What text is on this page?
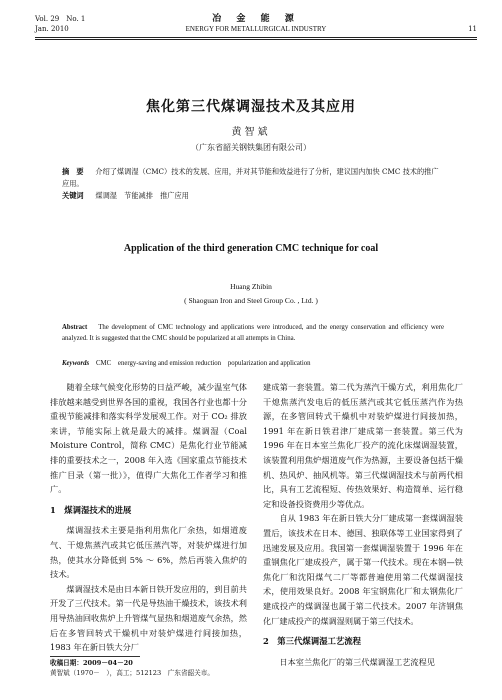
Vol. 29　No. 1	冶 金 能 源
Jan. 2010	ENERGY FOR METALLURGICAL INDUSTRY	11
焦化第三代煤调湿技术及其应用
黄智斌
（广东省韶关钢铁集团有限公司）
摘　要 　 介绍了煤调湿（CMC）技术的发展、应用，并对其节能和效益进行了分析，建议国内加快 CMC 技术的推广应用。
关键词 　 煤调湿　节能减排　推广应用
Application of the third generation CMC technique for coal
Huang Zhibin
( Shaoguan Iron and Steel Group Co. , Ltd. )
Abstract The development of CMC technology and applications were introduced, and the energy conservation and efficiency were analyzed. It is suggested that the CMC should be popularized at all attempts in China.
Keywords CMC　energy-saving and emission reduction　popularization and application

随着全球气候变化形势的日益严峻，减少温室气体排放越来越受到世界各国的重视，我国各行业也都十分重视节能减排和落实科学发展观工作。对于 CO₂ 排放来讲，节能实际上就是最大的减排。煤调湿（Coal Moisture Control，简称 CMC）是焦化行业节能减排的重要技术之一，2008 年入选《国家重点节能技术推广目录（第一批）》，值得广大焦化工作者学习和推广。

1　煤调湿技术的进展

煤调湿技术主要是指利用焦化厂余热，如烟道废气、干熄焦蒸汽或其它低压蒸汽等，对装炉煤进行加热，使其水分降低到 5% ～ 6%，然后再装入焦炉的技术。

煤调湿技术是由日本新日铁开发应用的，到目前共开发了三代技术。第一代是导热油干燥技术，该技术利用导热油回收焦炉上升管煤气显热和烟道废气余热，然后在多管回转式干燥机中对装炉煤进行间接加热，1983 年在新日铁大分厂

建成第一套装置。第二代为蒸汽干燥方式，利用焦化厂干熄焦蒸汽发电后的低压蒸汽或其它低压蒸汽作为热源，在多管回转式干燥机中对装炉煤进行间接加热，1991 年在新日铁君津厂建成第一套装置。第三代为 1996 年在日本室兰焦化厂投产的流化床煤调湿装置，该装置利用焦炉烟道废气作为热源，主要设备包括干燥机、热风炉、抽风机等。第三代煤调湿技术与前两代相比，具有工艺流程短、传热效果好、构造简单、运行稳定和设备投资费用少等优点。

自从 1983 年在新日铁大分厂建成第一套煤调湿装置后，该技术在日本、德国、独联体等工业国家得到了迅速发展及应用。我国第一套煤调湿装置于 1996 年在重钢焦化厂建成投产，属于第一代技术。现在本钢—铁焦化厂和沈阳煤气二厂等都普遍使用第二代煤调湿技术，使用效果良好。2008 年宝钢焦化厂和太钢焦化厂建成投产的煤调湿也属于第二代技术。2007 年济钢焦化厂建成投产的煤调湿则属于第三代技术。

2　第三代煤调湿工艺流程

日本室兰焦化厂的第三代煤调湿工艺流程见

收稿日期：2009－04－20
黄智斌（1970－　），高工；512123　广东省韶关市。
